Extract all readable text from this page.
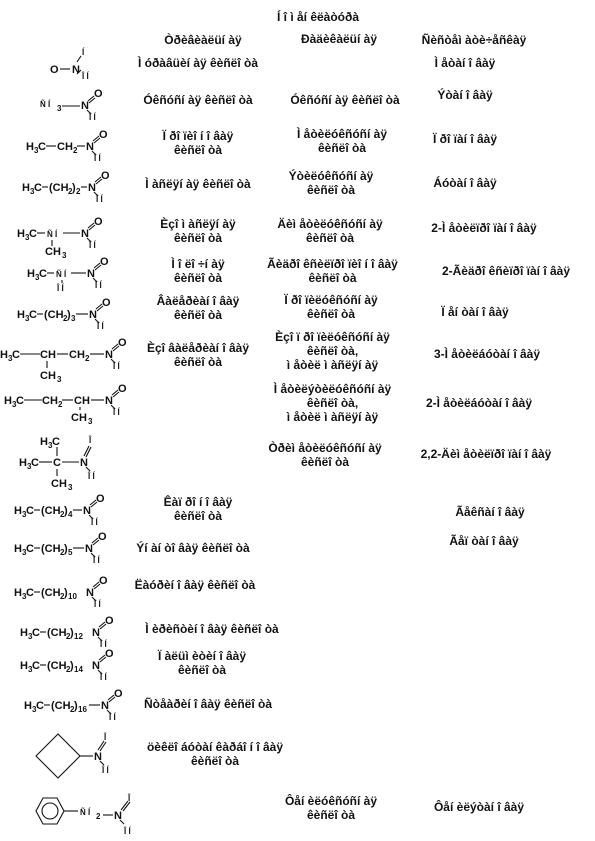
Í î ì åí êëàòóðà
Òðèâèàëüí àÿ	Ðàäèêàëüí àÿ	Ñèñòåì àòè÷åñêàÿ
Ì óðàâüèí àÿ êèñëî òà
Óêñóñí àÿ êèñëî òà
Ï ðî ïèî í î âàÿ
êèñëî òà
Ì àñëÿí àÿ êèñëî òà
Èçî ì àñëÿí àÿ
êèñëî òà
Ì î ëî ÷í àÿ
êèñëî òà
Âàëåðèàí î âàÿ
êèñëî òà
Èçî âàëåðèàí î âàÿ
êèñëî òà
Êàï ðî í î âàÿ
êèñëî òà
Ýí àí òî âàÿ êèñëî òà
Ëàóðèí î âàÿ êèñëî òà
Ì èðèñòèí î âàÿ êèñëî òà
Ï àëüì èòèí î âàÿ
êèñëî òà
Ñòåàðèí î âàÿ êèñëî òà
öèêëî áóòàí êàðáî í î âàÿ
êèñëî òà
Óêñóñí àÿ êèñëî òà
Ì åòèëóêñóñí àÿ
êèñëî òà
Ýòèëóêñóñí àÿ
êèñëî òà
Äèì åòèëóêñóñí àÿ
êèñëî òà
Ãèäðî êñèëïðî ïèî í î âàÿ
êèñëî òà
Ï ðî ïèëóêñóñí àÿ
êèñëî òà
Èçî ï ðî ïèëóêñóñí àÿ
êèñëî òà,
ì åòèë ì àñëÿí àÿ
Ì åòèëýòèëóêñóñí àÿ
êèñëî òà,
ì åòèë ì àñëÿí àÿ
Òðèì åòèëóêñóñí àÿ
êèñëî òà
Ôåí èëóêñóñí àÿ
êèñëî òà
Ì åòàí î âàÿ
Ýòàí î âàÿ
Ï ðî ïàí î âàÿ
Áóòàí î âàÿ
2-Ì åòèëïðî ïàí î âàÿ
2-Ãèäðî êñèïðî ïàí î âàÿ
Ï åí òàí î âàÿ
3-Ì åòèëáóòàí î âàÿ
2-Ì åòèëáóòàí î âàÿ
2,2-Äèì åòèëïðî ïàí î âàÿ
Ãåêñàí î âàÿ
Ãåï òàí î âàÿ
Ôåí èëýòàí î âàÿ
O N
Í
Î Í
Ñ Í 3 N
O
Î Í
H 3 C CH 2 N
O
Î Í
H 3 C (CH 2 ) 2 N
O
Î Í
H 3 C Ñ Í
CH 3
N
O
Î Í
H 3 C Ñ Í
Î Í
N
O
Î Í
H 3 C (CH 2 ) 3 N
O
Î Í
H 3 C CH CH 2
CH 3
N
O
Î Í
H 3 C CH 2 CH
CH 3
N
O
Î Í
H 3 C
H 3 C C
CH 3
N
Î
Î Í
H 3 C (CH 2 ) 4 N
O
Î Í
H 3 C (CH 2 ) 5 N
O
Î Í
H 3 C (CH 2 ) 10 N
O
Î Í
H 3 C (CH 2 ) 12 N
O
Î Í
H 3 C (CH 2 ) 14 N
O
Î Í
H 3 C (CH 2 ) 16 N
O
Î Í
N
Î
Î Í
Ñ Í 2 N
Î
Î Í
